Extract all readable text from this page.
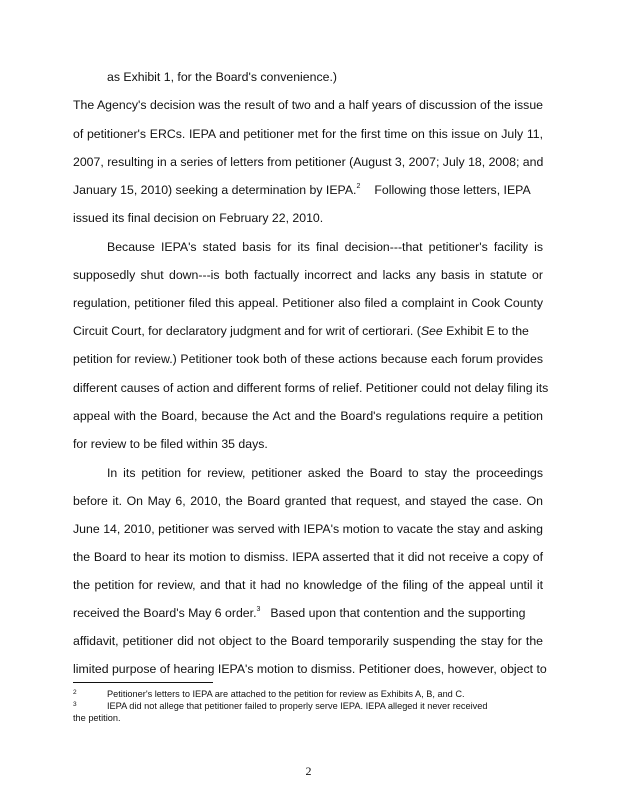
as Exhibit 1, for the Board's convenience.)
The Agency's decision was the result of two and a half years of discussion of the issue
of petitioner's ERCs. IEPA and petitioner met for the first time on this issue on July 11,
2007, resulting in a series of letters from petitioner (August 3, 2007; July 18, 2008; and
January 15, 2010) seeking a determination by IEPA.$^2$ Following those letters, IEPA
issued its final decision on February 22, 2010.
Because IEPA's stated basis for its final decision---that petitioner's facility is
supposedly shut down---is both factually incorrect and lacks any basis in statute or
regulation, petitioner filed this appeal. Petitioner also filed a complaint in Cook County
Circuit Court, for declaratory judgment and for writ of certiorari. (See Exhibit E to the
petition for review.) Petitioner took both of these actions because each forum provides
different causes of action and different forms of relief. Petitioner could not delay filing its
appeal with the Board, because the Act and the Board's regulations require a petition
for review to be filed within 35 days.
In its petition for review, petitioner asked the Board to stay the proceedings
before it. On May 6, 2010, the Board granted that request, and stayed the case. On
June 14, 2010, petitioner was served with IEPA's motion to vacate the stay and asking
the Board to hear its motion to dismiss. IEPA asserted that it did not receive a copy of
the petition for review, and that it had no knowledge of the filing of the appeal until it
received the Board's May 6 order.$^3$ Based upon that contention and the supporting
affidavit, petitioner did not object to the Board temporarily suspending the stay for the
limited purpose of hearing IEPA's motion to dismiss. Petitioner does, however, object to
2	Petitioner's letters to IEPA are attached to the petition for review as Exhibits A, B, and C.
3	IEPA did not allege that petitioner failed to properly serve IEPA. IEPA alleged it never received
the petition.
2
